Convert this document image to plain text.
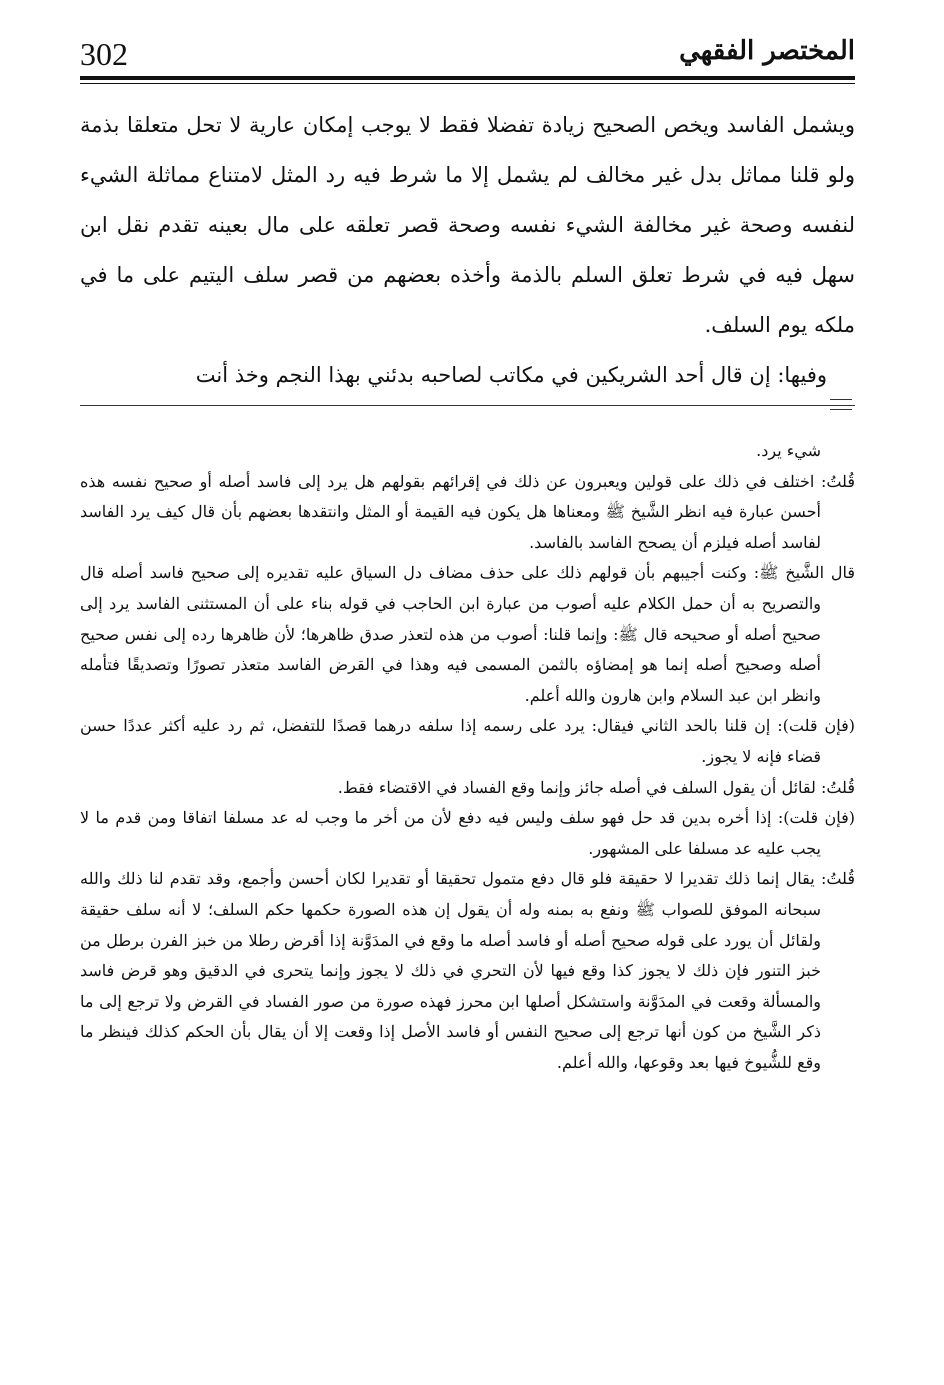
302	المختصر الفقهي

ويشمل الفاسد ويخص الصحيح زيادة تفضلا فقط لا يوجب إمكان عارية لا تحل متعلقا بذمة ولو قلنا مماثل بدل غير مخالف لم يشمل إلا ما شرط فيه رد المثل لامتناع مماثلة الشيء لنفسه وصحة غير مخالفة الشيء نفسه وصحة قصر تعلقه على مال بعينه تقدم نقل ابن سهل فيه في شرط تعلق السلم بالذمة وأخذه بعضهم من قصر سلف اليتيم على ما في ملكه يوم السلف.

وفيها: إن قال أحد الشريكين في مكاتب لصاحبه بدئني بهذا النجم وخذ أنت

شيء يرد.

قُلتُ: اختلف في ذلك على قولين ويعبرون عن ذلك في إقرائهم بقولهم هل يرد إلى فاسد أصله أو صحيح نفسه هذه أحسن عبارة فيه انظر الشَّيخ ﷺ ومعناها هل يكون فيه القيمة أو المثل وانتقدها بعضهم بأن قال كيف يرد الفاسد لفاسد أصله فيلزم أن يصحح الفاسد بالفاسد.

قال الشَّيخ ﷺ: وكنت أجيبهم بأن قولهم ذلك على حذف مضاف دل السياق عليه تقديره إلى صحيح فاسد أصله قال والتصريح به أن حمل الكلام عليه أصوب من عبارة ابن الحاجب في قوله بناء على أن المستثنى الفاسد يرد إلى صحيح أصله أو صحيحه قال ﷺ: وإنما قلنا: أصوب من هذه لتعذر صدق ظاهرها؛ لأن ظاهرها رده إلى نفس صحيح أصله وصحيح أصله إنما هو إمضاؤه بالثمن المسمى فيه وهذا في القرض الفاسد متعذر تصورًا وتصديقًا فتأمله وانظر ابن عبد السلام وابن هارون والله أعلم.

(فإن قلت): إن قلنا بالحد الثاني فيقال: يرد على رسمه إذا سلفه درهما قصدًا للتفضل، ثم رد عليه أكثر عددًا حسن قضاء فإنه لا يجوز.

قُلتُ: لقائل أن يقول السلف في أصله جائز وإنما وقع الفساد في الاقتضاء فقط.

(فإن قلت): إذا أخره بدين قد حل فهو سلف وليس فيه دفع لأن من أخر ما وجب له عد مسلفا اتفاقا ومن قدم ما لا يجب عليه عد مسلفا على المشهور.

قُلتُ: يقال إنما ذلك تقديرا لا حقيقة فلو قال دفع متمول تحقيقا أو تقديرا لكان أحسن وأجمع، وقد تقدم لنا ذلك والله سبحانه الموفق للصواب ﷺ ونفع به بمنه وله أن يقول إن هذه الصورة حكمها حكم السلف؛ لا أنه سلف حقيقة ولقائل أن يورد على قوله صحيح أصله أو فاسد أصله ما وقع في المدَوَّنة إذا أقرض رطلا من خبز الفرن برطل من خبز التنور فإن ذلك لا يجوز كذا وقع فيها لأن التحري في ذلك لا يجوز وإنما يتحرى في الدقيق وهو قرض فاسد والمسألة وقعت في المدَوَّنة واستشكل أصلها ابن محرز فهذه صورة من صور الفساد في القرض ولا ترجع إلى ما ذكر الشَّيخ من كون أنها ترجع إلى صحيح النفس أو فاسد الأصل إذا وقعت إلا أن يقال بأن الحكم كذلك فينظر ما وقع للشُّيوخ فيها بعد وقوعها، والله أعلم.
